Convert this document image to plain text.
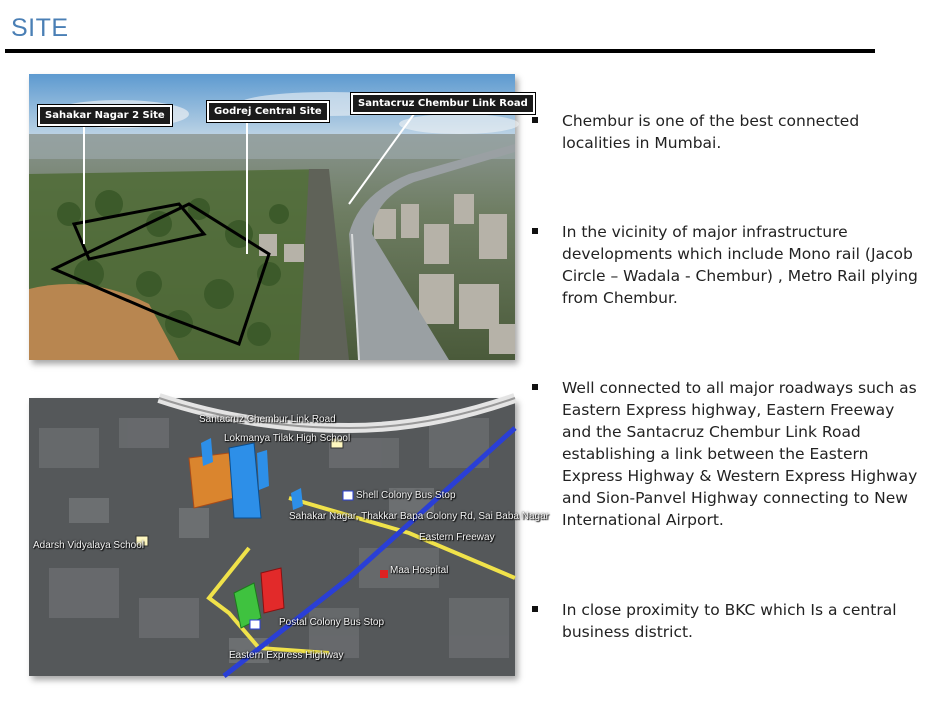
SITE
Sahakar Nagar 2 Site	Godrej Central Site
Santacruz Chembur Link Road
Santacruz Chembur Link Road
Lokmanya Tilak High School
Shell Colony Bus Stop
Sahakar Nagar, Thakkar Bapa Colony Rd, Sai Baba Nagar
Eastern Freeway
Adarsh Vidyalaya School
Maa Hospital
Postal Colony Bus Stop
Eastern Express Highway
Chembur is one of the best connected localities in Mumbai.
In the vicinity of major infrastructure developments which include Mono rail (Jacob Circle – Wadala - Chembur) , Metro Rail plying from Chembur.
Well connected to all major roadways such as Eastern Express highway, Eastern Freeway and the Santacruz Chembur Link Road establishing a link between the Eastern Express Highway & Western Express Highway and Sion-Panvel Highway connecting to New International Airport.
In close proximity to BKC which Is a central business district.
